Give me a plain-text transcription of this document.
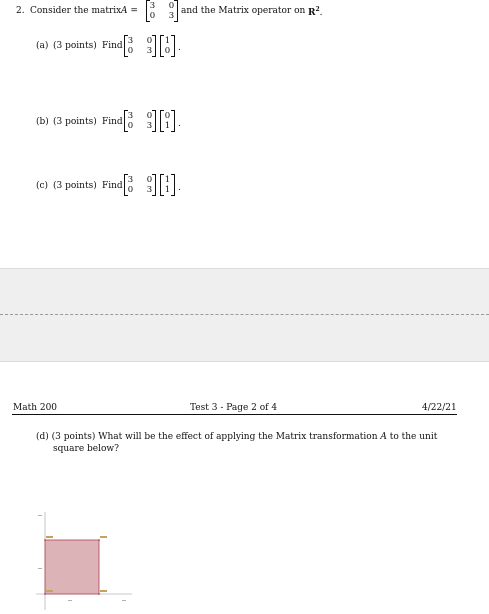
2. Consider the matrix A = 3 0
0 3 and the Matrix operator on $R^2$.
(a) (3 points) Find 3 0
0 3
1
0 .
(b) (3 points) Find
3 0
0 3
0
1 .
(c) (3 points) Find
3 0
0 3
1
1 .
Math 200	Test 3 - Page 2 of 4	4/22/21
(d) (3 points) What will be the effect of applying the Matrix transformation A to the unit
square below?
